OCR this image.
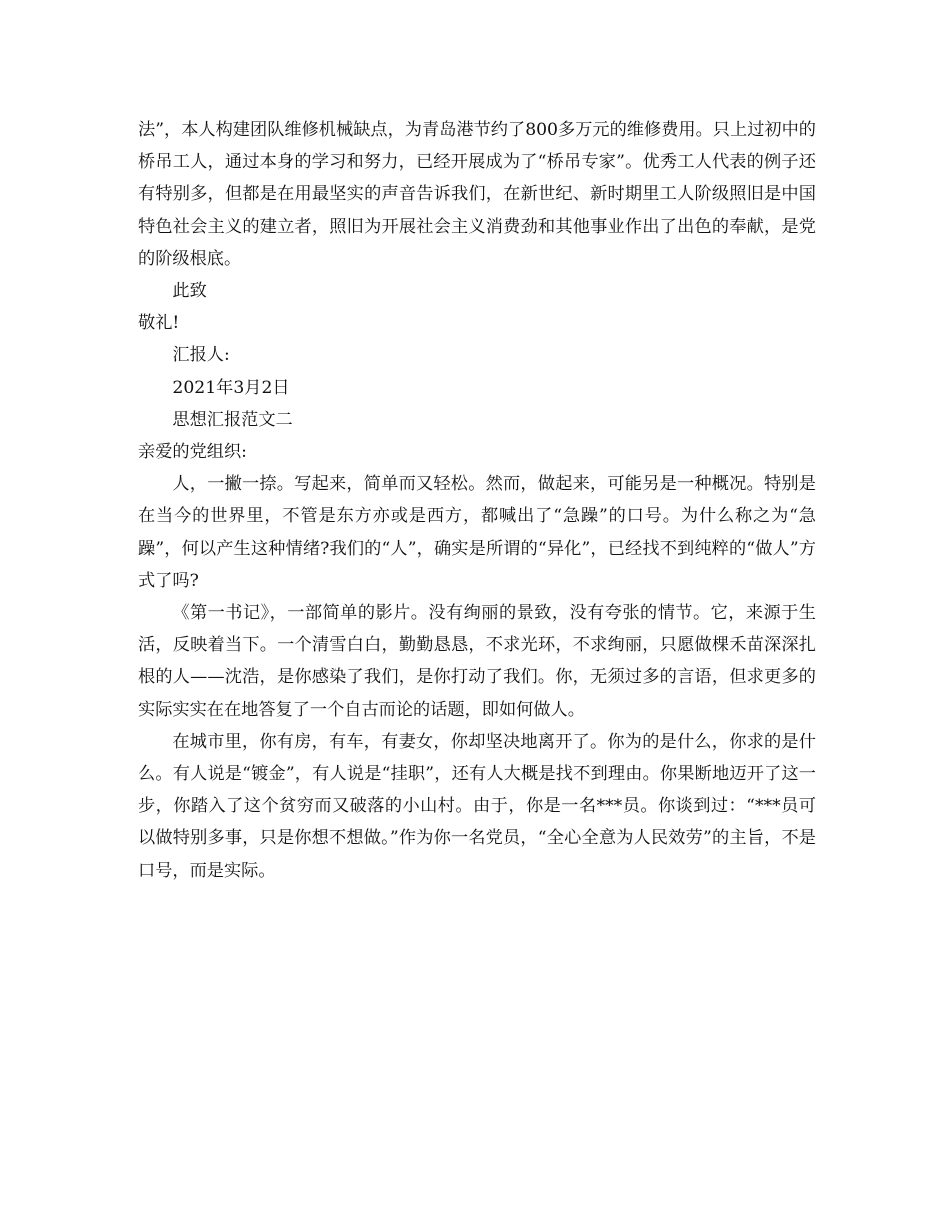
法”，本人构建团队维修机械缺点，为青岛港节约了800多万元的维修费用。只上过初中的桥吊工人，通过本身的学习和努力，已经开展成为了“桥吊专家”。优秀工人代表的例子还有特别多，但都是在用最坚实的声音告诉我们，在新世纪、新时期里工人阶级照旧是中国特色社会主义的建立者，照旧为开展社会主义消费劲和其他事业作出了出色的奉献，是党的阶级根底。

此致

敬礼!

汇报人:

2021年3月2日

思想汇报范文二

亲爱的党组织:

人，一撇一捺。写起来，简单而又轻松。然而，做起来，可能另是一种概况。特别是在当今的世界里，不管是东方亦或是西方，都喊出了“急躁”的口号。为什么称之为“急躁”，何以产生这种情绪?我们的“人”，确实是所谓的“异化”，已经找不到纯粹的“做人”方式了吗?

《第一书记》，一部简单的影片。没有绚丽的景致，没有夸张的情节。它，来源于生活，反映着当下。一个清雪白白，勤勤恳恳，不求光环，不求绚丽，只愿做棵禾苗深深扎根的人——沈浩，是你感染了我们，是你打动了我们。你，无须过多的言语，但求更多的实际实实在在地答复了一个自古而论的话题，即如何做人。

在城市里，你有房，有车，有妻女，你却坚决地离开了。你为的是什么，你求的是什么。有人说是“镀金”，有人说是“挂职”，还有人大概是找不到理由。你果断地迈开了这一步，你踏入了这个贫穷而又破落的小山村。由于，你是一名***员。你谈到过：“***员可以做特别多事，只是你想不想做。”作为你一名党员，“全心全意为人民效劳”的主旨，不是口号，而是实际。
